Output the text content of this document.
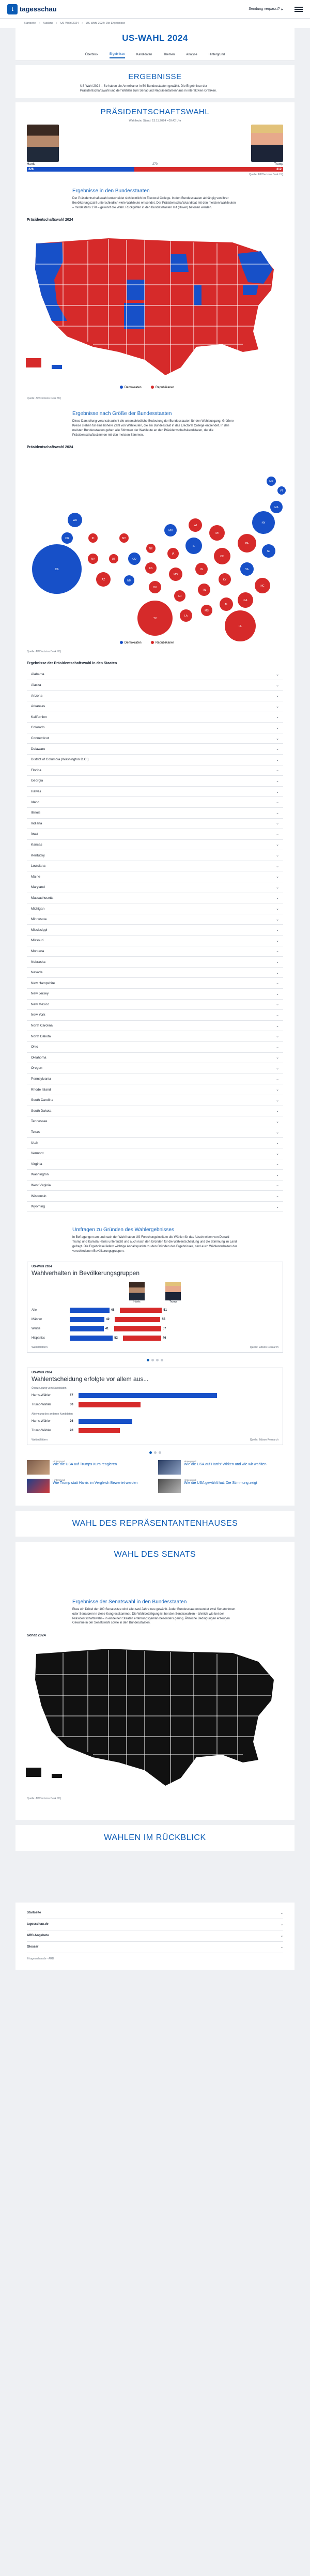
t tagesschau	Sendung verpasst? ▸
Startseite › Ausland › US-Wahl 2024 › US-Wahl 2024: Die Ergebnisse
US-WAHL 2024
Überblick	Ergebnisse	Kandidaten	Themen	Analyse	Hintergrund
ERGEBNISSE
US-Wahl 2024 – So haben die Amerikaner in 50 Bundesstaaten gewählt. Die Ergebnisse der Präsidentschaftswahl und der Wahlen zum Senat und Repräsentantenhaus in interaktiven Grafiken.
PRÄSIDENTSCHAFTSWAHL
Wahlleute, Stand: 13.11.2024 • 09:42 Uhr
Harris	270	Trump
226	312
Quelle: AP/Decision Desk HQ
Ergebnisse in den Bundesstaaten

Der Präsidentschaftswahl entscheidet sich letztlich im Electoral College. In den Bundesstaaten abhängig von ihrer Bevölkerungszahl unterschiedlich viele Wahlleute entsendet. Der Präsidentschaftskandidat mit den meisten Wahlleuten – mindestens 270 – gewinnt die Wahl. Rückgriffen in den Bundesstaaten mit (Hover) betonen werden.

Präsidentschaftswahl 2024
Demokraten	Republikaner
Quelle: AP/Decision Desk HQ
Ergebnisse nach Größe der Bundesstaaten

Diese Darstellung veranschaulicht die unterschiedliche Bedeutung der Bundesstaaten für den Wahlausgang. Größere Kreise stehen für eine höhere Zahl von Wahlleuten, die ein Bundesstaat in das Electoral College entsendet. In den meisten Bundesstaaten gehen alle Stimmen der Wahlleute an den Präsidentschaftskandidaten, der die Präsidentschaftsstimmen mit den meisten Stimmen.

Präsidentschaftswahl 2024
CA
WA
OR	ID
NV
AZ
UT
MT
CO
NM
NE
KS
OK
TX
MN
IA
MO
AR
LA
IL
WI
IN
TN
MS
MI
OH
KY
AL
FL
GA
PA
VA
NC
NY
NJ
MA
VT
ME
Demokraten	Republikaner
Quelle: AP/Decision Desk HQ
Ergebnisse der Präsidentschaftswahl in den Staaten
Alabama	⌄
Alaska	⌄
Arizona	⌄
Arkansas	⌄
Kalifornien	⌄
Colorado	⌄
Connecticut	⌄
Delaware	⌄
District of Columbia (Washington D.C.)	⌄
Florida	⌄
Georgia	⌄
Hawaii	⌄
Idaho	⌄
Illinois	⌄
Indiana	⌄
Iowa	⌄
Kansas	⌄
Kentucky	⌄
Louisiana	⌄
Maine	⌄
Maryland	⌄
Massachusetts	⌄
Michigan	⌄
Minnesota	⌄
Mississippi	⌄
Missouri	⌄
Montana	⌄
Nebraska	⌄
Nevada	⌄
New Hampshire	⌄
New Jersey	⌄
New Mexico	⌄
New York	⌄
North Carolina	⌄
North Dakota	⌄
Ohio	⌄
Oklahoma	⌄
Oregon	⌄
Pennsylvania	⌄
Rhode Island	⌄
South Carolina	⌄
South Dakota	⌄
Tennessee	⌄
Texas	⌄
Utah	⌄
Vermont	⌄
Virginia	⌄
Washington	⌄
West Virginia	⌄
Wisconsin	⌄
Wyoming	⌄
Umfragen zu Gründen des Wahlergebnisses

In Befragungen am und nach der Wahl haben US-Forschungsinstitute die Wähler für das Abschneiden von Donald Trump und Kamala Harris untersucht und auch nach den Gründen für die Wahlentscheidung und die Stimmung im Land gefragt. Die Ergebnisse liefern wichtige Anhaltspunkte zu den Gründen des Ergebnisses, sind auch Wählerverhalten der verschiedenen Bevölkerungsgruppen.

US-Wahl 2024
Wahlverhalten in Bevölkerungsgruppen
Harris	Trump
Alle	48	51
Männer	42	55
Weiße	41	57
Hispanics	52	46
Weiterblättern	Quelle: Edison Research
US-Wahl 2024
Wahlentscheidung erfolgte vor allem aus...
Überzeugung vom Kandidaten
Harris-Wähler	67
Trump-Wähler	30
Ablehnung des anderen Kandidaten
Harris-Wähler	26
Trump-Wähler	20
Weiterblättern	Quelle: Edison Research
Hintergrund
Wie die USA auf Trumps Kurs reagieren
Hintergrund
Wie die USA auf Harris' Wirken und wie wir wählten
Hintergrund
Wie Trump statt Harris im Vergleich Bewertet werden
Hintergrund
Wie die USA gewählt hat: Die Stimmung zeigt
WAHL DES REPRÄSENTANTENHAUSES
WAHL DES SENATS
Ergebnisse der Senatswahl in den Bundesstaaten

Etwa ein Drittel der 100 Senatssitze wird alle zwei Jahre neu gewählt. Jeder Bundesstaat entsendet zwei Senatorinnen oder Senatoren in diese Kongresskammer. Die Wahlbeteiligung ist bei den Senatswahlen – ähnlich wie bei der Präsidentschaftswahl – in einzelnen Staaten erfahrungsgemäß besonders gering. Ähnliche Bedingungen erzeugen Gewinne in der Senatswahl sowie in den Bundesstaaten.

Senat 2024
Quelle: AP/Decision Desk HQ
WAHLEN IM RÜCKBLICK
Startseite	⌄
tagesschau.de	⌄
ARD-Angebote	⌄
Glossar	⌄
© tagesschau.de · ARD
